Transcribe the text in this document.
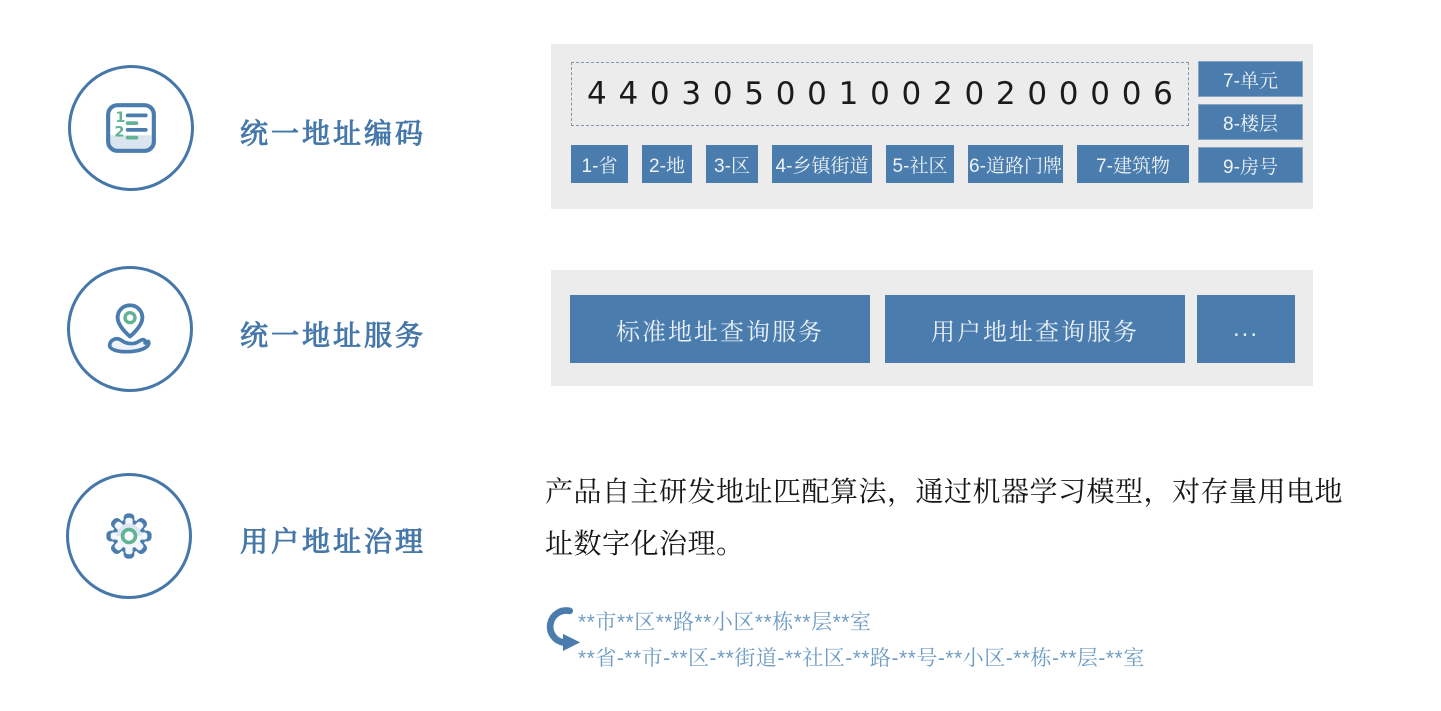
1
2	统一地址编码
4 4 0 3 0 5 0 0 1 0 0 2 0 2 0 0 0 0 6
1-省	2-地	3-区	4-乡镇街道	5-社区	6-道路门牌	7-建筑物
7-单元
8-楼层
9-房号
统一地址服务	标准地址查询服务	用户地址查询服务	...
用户地址治理
产品自主研发地址匹配算法，通过机器学习模型，对存量用电地址数字化治理。
**市**区**路**小区**栋**层**室
**省-**市-**区-**街道-**社区-**路-**号-**小区-**栋-**层-**室
